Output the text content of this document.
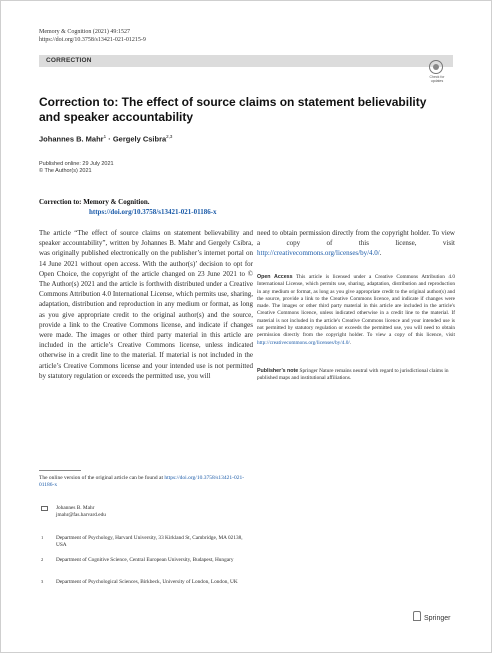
Memory & Cognition (2021) 49:1527
https://doi.org/10.3758/s13421-021-01215-9
CORRECTION
Check for updates
Correction to: The effect of source claims on statement believability and speaker accountability
Johannes B. Mahr$^1$ · Gergely Csibra$^{2,3}$
Published online: 29 July 2021
© The Author(s) 2021
Correction to: Memory & Cognition.
https://doi.org/10.3758/s13421-021-01186-x
The article “The effect of source claims on statement believability and speaker accountability”, written by Johannes B. Mahr and Gergely Csibra, was originally published electronically on the publisher’s internet portal on 14 June 2021 without open access. With the author(s)’ decision to opt for Open Choice, the copyright of the article changed on 23 June 2021 to © The Author(s) 2021 and the article is forthwith distributed under a Creative Commons Attribution 4.0 International License, which permits use, sharing, adaptation, distribution and reproduction in any medium or format, as long as you give appropriate credit to the original author(s) and the source, provide a link to the Creative Commons license, and indicate if changes were made. The images or other third party material in this article are included in the article’s Creative Commons license, unless indicated otherwise in a credit line to the material. If material is not included in the article’s Creative Commons license and your intended use is not permitted by statutory regulation or exceeds the permitted use, you will
need to obtain permission directly from the copyright holder. To view a copy of this license, visit http://creativecommons.org/licenses/by/4.0/.
Open Access This article is licensed under a Creative Commons Attribution 4.0 International License, which permits use, sharing, adaptation, distribution and reproduction in any medium or format, as long as you give appropriate credit to the original author(s) and the source, provide a link to the Creative Commons licence, and indicate if changes were made. The images or other third party material in this article are included in the article's Creative Commons licence, unless indicated otherwise in a credit line to the material. If material is not included in the article's Creative Commons licence and your intended use is not permitted by statutory regulation or exceeds the permitted use, you will need to obtain permission directly from the copyright holder. To view a copy of this licence, visit http://creativecommons.org/licenses/by/4.0/.
Publisher’s note Springer Nature remains neutral with regard to jurisdictional claims in published maps and institutional affiliations.
The online version of the original article can be found at https://doi.org/10.3758/s13421-021-01186-x
Johannes B. Mahr
jmahr@fas.harvard.edu
1	Department of Psychology, Harvard University, 33 Kirkland St, Cambridge, MA 02138, USA
2	Department of Cognitive Science, Central European University, Budapest, Hungary
3	Department of Psychological Sciences, Birkbeck, University of London, London, UK
Springer
